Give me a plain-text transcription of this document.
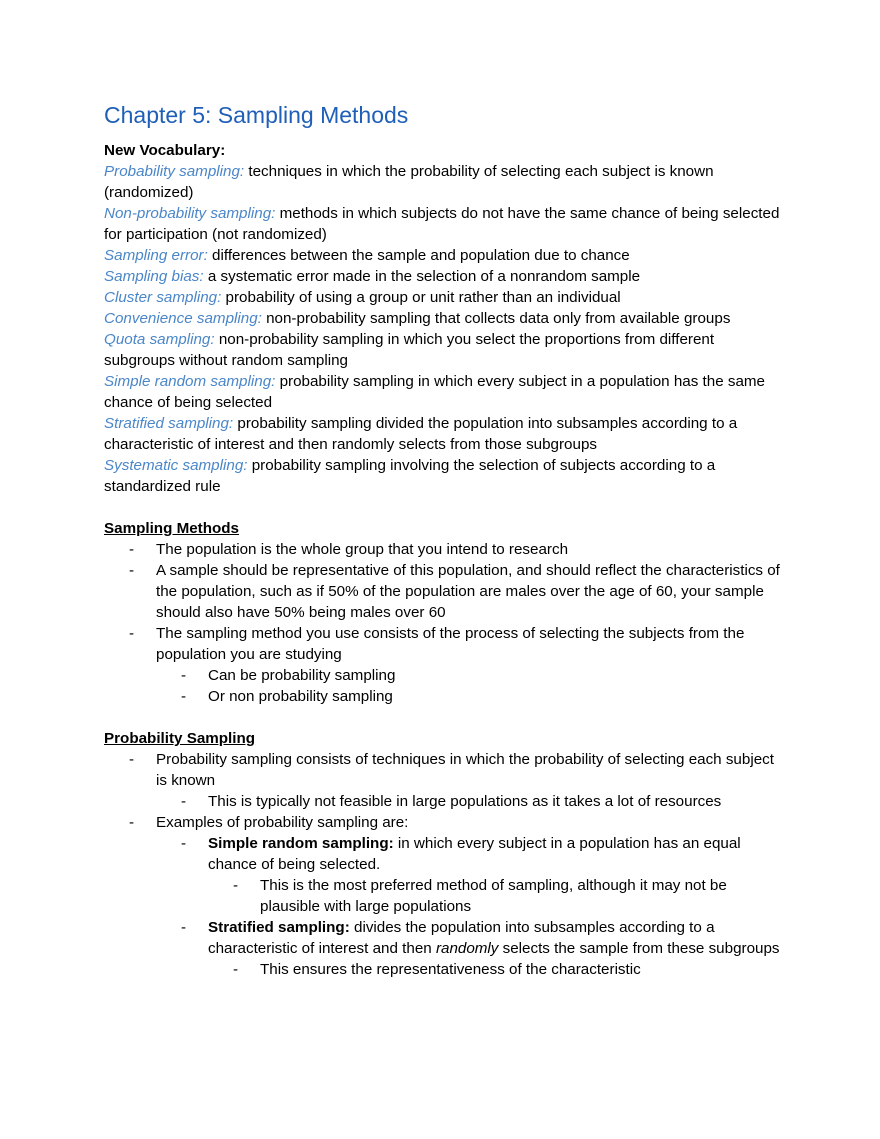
Chapter 5: Sampling Methods
New Vocabulary:
Probability sampling: techniques in which the probability of selecting each subject is known (randomized)
Non-probability sampling: methods in which subjects do not have the same chance of being selected for participation (not randomized)
Sampling error: differences between the sample and population due to chance
Sampling bias: a systematic error made in the selection of a nonrandom sample
Cluster sampling: probability of using a group or unit rather than an individual
Convenience sampling: non-probability sampling that collects data only from available groups
Quota sampling: non-probability sampling in which you select the proportions from different subgroups without random sampling
Simple random sampling: probability sampling in which every subject in a population has the same chance of being selected
Stratified sampling: probability sampling divided the population into subsamples according to a characteristic of interest and then randomly selects from those subgroups
Systematic sampling: probability sampling involving the selection of subjects according to a standardized rule
Sampling Methods
- The population is the whole group that you intend to research
- A sample should be representative of this population, and should reflect the characteristics of the population, such as if 50% of the population are males over the age of 60, your sample should also have 50% being males over 60
- The sampling method you use consists of the process of selecting the subjects from the population you are studying
- Can be probability sampling
- Or non probability sampling
Probability Sampling
- Probability sampling consists of techniques in which the probability of selecting each subject is known
- This is typically not feasible in large populations as it takes a lot of resources
- Examples of probability sampling are:
- Simple random sampling: in which every subject in a population has an equal chance of being selected.
- This is the most preferred method of sampling, although it may not be plausible with large populations
- Stratified sampling: divides the population into subsamples according to a characteristic of interest and then randomly selects the sample from these subgroups
- This ensures the representativeness of the characteristic
